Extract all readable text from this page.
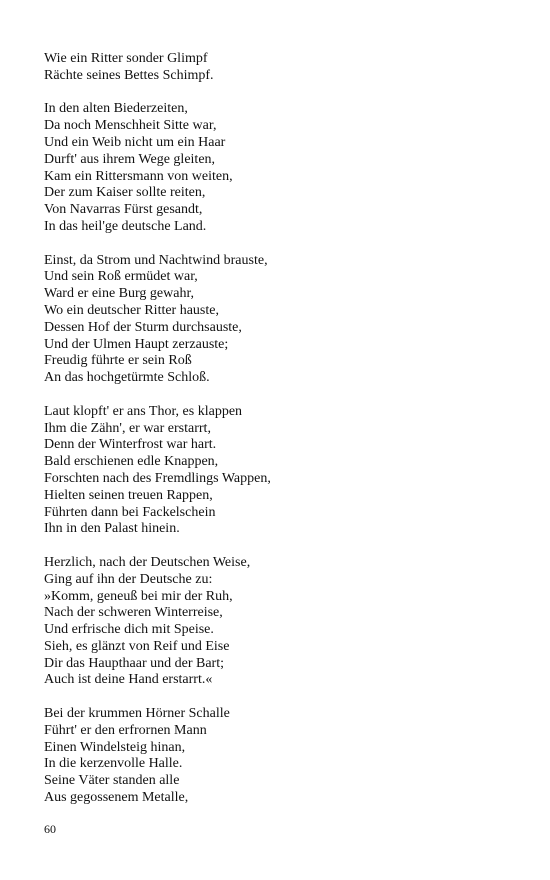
Wie ein Ritter sonder Glimpf
Rächte seines Bettes Schimpf.
In den alten Biederzeiten,
Da noch Menschheit Sitte war,
Und ein Weib nicht um ein Haar
Durft' aus ihrem Wege gleiten,
Kam ein Rittersmann von weiten,
Der zum Kaiser sollte reiten,
Von Navarras Fürst gesandt,
In das heil'ge deutsche Land.
Einst, da Strom und Nachtwind brauste,
Und sein Roß ermüdet war,
Ward er eine Burg gewahr,
Wo ein deutscher Ritter hauste,
Dessen Hof der Sturm durchsauste,
Und der Ulmen Haupt zerzauste;
Freudig führte er sein Roß
An das hochgetürmte Schloß.
Laut klopft' er ans Thor, es klappen
Ihm die Zähn', er war erstarrt,
Denn der Winterfrost war hart.
Bald erschienen edle Knappen,
Forschten nach des Fremdlings Wappen,
Hielten seinen treuen Rappen,
Führten dann bei Fackelschein
Ihn in den Palast hinein.
Herzlich, nach der Deutschen Weise,
Ging auf ihn der Deutsche zu:
»Komm, geneuß bei mir der Ruh,
Nach der schweren Winterreise,
Und erfrische dich mit Speise.
Sieh, es glänzt von Reif und Eise
Dir das Haupthaar und der Bart;
Auch ist deine Hand erstarrt.«
Bei der krummen Hörner Schalle
Führt' er den erfrornen Mann
Einen Windelsteig hinan,
In die kerzenvolle Halle.
Seine Väter standen alle
Aus gegossenem Metalle,
60
